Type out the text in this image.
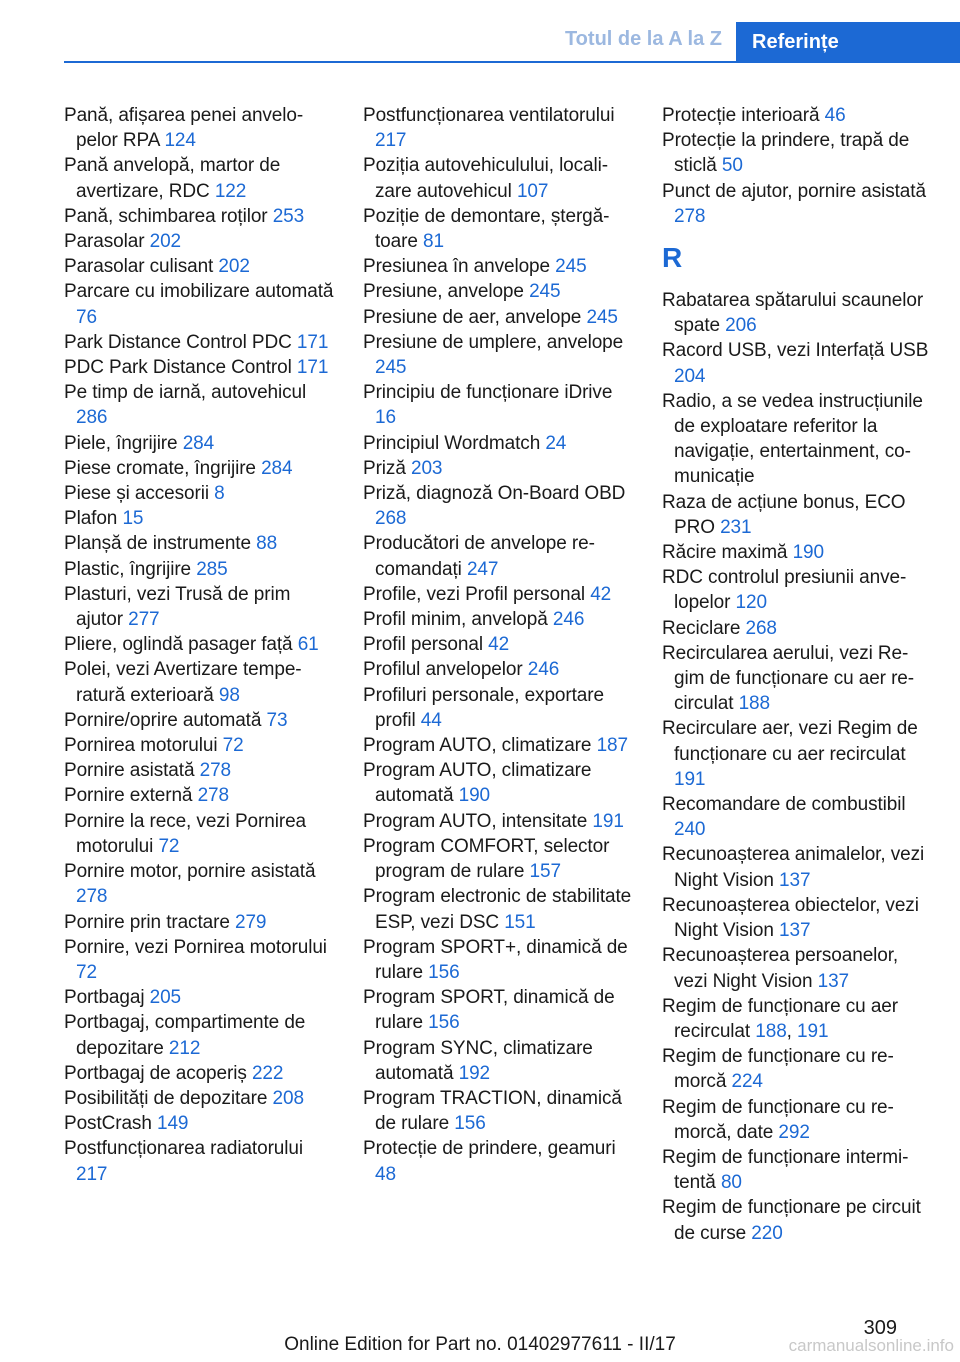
Totul de la A la Z	Referințe

Pană, afișarea penei anvelopelor RPA 124

Pană anvelopă, martor de avertizare, RDC 122

Pană, schimbarea roților 253

Parasolar 202

Parasolar culisant 202

Parcare cu imobilizare automată 76

Park Distance Control PDC 171

PDC Park Distance Control 171

Pe timp de iarnă, autovehicul 286

Piele, îngrijire 284

Piese cromate, îngrijire 284

Piese și accesorii 8

Plafon 15

Planșă de instrumente 88

Plastic, îngrijire 285

Plasturi, vezi Trusă de prim ajutor 277

Pliere, oglindă pasager față 61

Polei, vezi Avertizare temperatură exterioară 98

Pornire/oprire automată 73

Pornirea motorului 72

Pornire asistată 278

Pornire externă 278

Pornire la rece, vezi Pornirea motorului 72

Pornire motor, pornire asistată 278

Pornire prin tractare 279

Pornire, vezi Pornirea motorului 72

Portbagaj 205

Portbagaj, compartimente de depozitare 212

Portbagaj de acoperiș 222

Posibilități de depozitare 208

PostCrash 149

Postfuncționarea radiatorului 217

Postfuncționarea ventilatorului 217

Poziția autovehiculului, localizare autovehicul 107

Poziție de demontare, ștergătoare 81

Presiunea în anvelope 245

Presiune, anvelope 245

Presiune de aer, anvelope 245

Presiune de umplere, anvelope 245

Principiu de funcționare iDrive 16

Principiul Wordmatch 24

Priză 203

Priză, diagnoză On-Board OBD 268

Producători de anvelope recomandați 247

Profile, vezi Profil personal 42

Profil minim, anvelopă 246

Profil personal 42

Profilul anvelopelor 246

Profiluri personale, exportare profil 44

Program AUTO, climatizare 187

Program AUTO, climatizare automată 190

Program AUTO, intensitate 191

Program COMFORT, selector program de rulare 157

Program electronic de stabilitate ESP, vezi DSC 151

Program SPORT+, dinamică de rulare 156

Program SPORT, dinamică de rulare 156

Program SYNC, climatizare automată 192

Program TRACTION, dinamică de rulare 156

Protecție de prindere, geamuri 48

Protecție interioară 46

Protecție la prindere, trapă de sticlă 50

Punct de ajutor, pornire asistată 278

R

Rabatarea spătarului scaunelor spate 206

Racord USB, vezi Interfață USB 204

Radio, a se vedea instrucțiunile de exploatare referitor la navigație, entertainment, comunicație

Raza de acțiune bonus, ECO PRO 231

Răcire maximă 190

RDC controlul presiunii anvelopelor 120

Reciclare 268

Recircularea aerului, vezi Regim de funcționare cu aer recirculat 188

Recirculare aer, vezi Regim de funcționare cu aer recirculat 191

Recomandare de combustibil 240

Recunoașterea animalelor, vezi Night Vision 137

Recunoașterea obiectelor, vezi Night Vision 137

Recunoașterea persoanelor, vezi Night Vision 137

Regim de funcționare cu aer recirculat 188, 191

Regim de funcționare cu remorcă 224

Regim de funcționare cu remorcă, date 292

Regim de funcționare intermitentă 80

Regim de funcționare pe circuit de curse 220

309
Online Edition for Part no. 01402977611 - II/17	carmanualsonline.info
